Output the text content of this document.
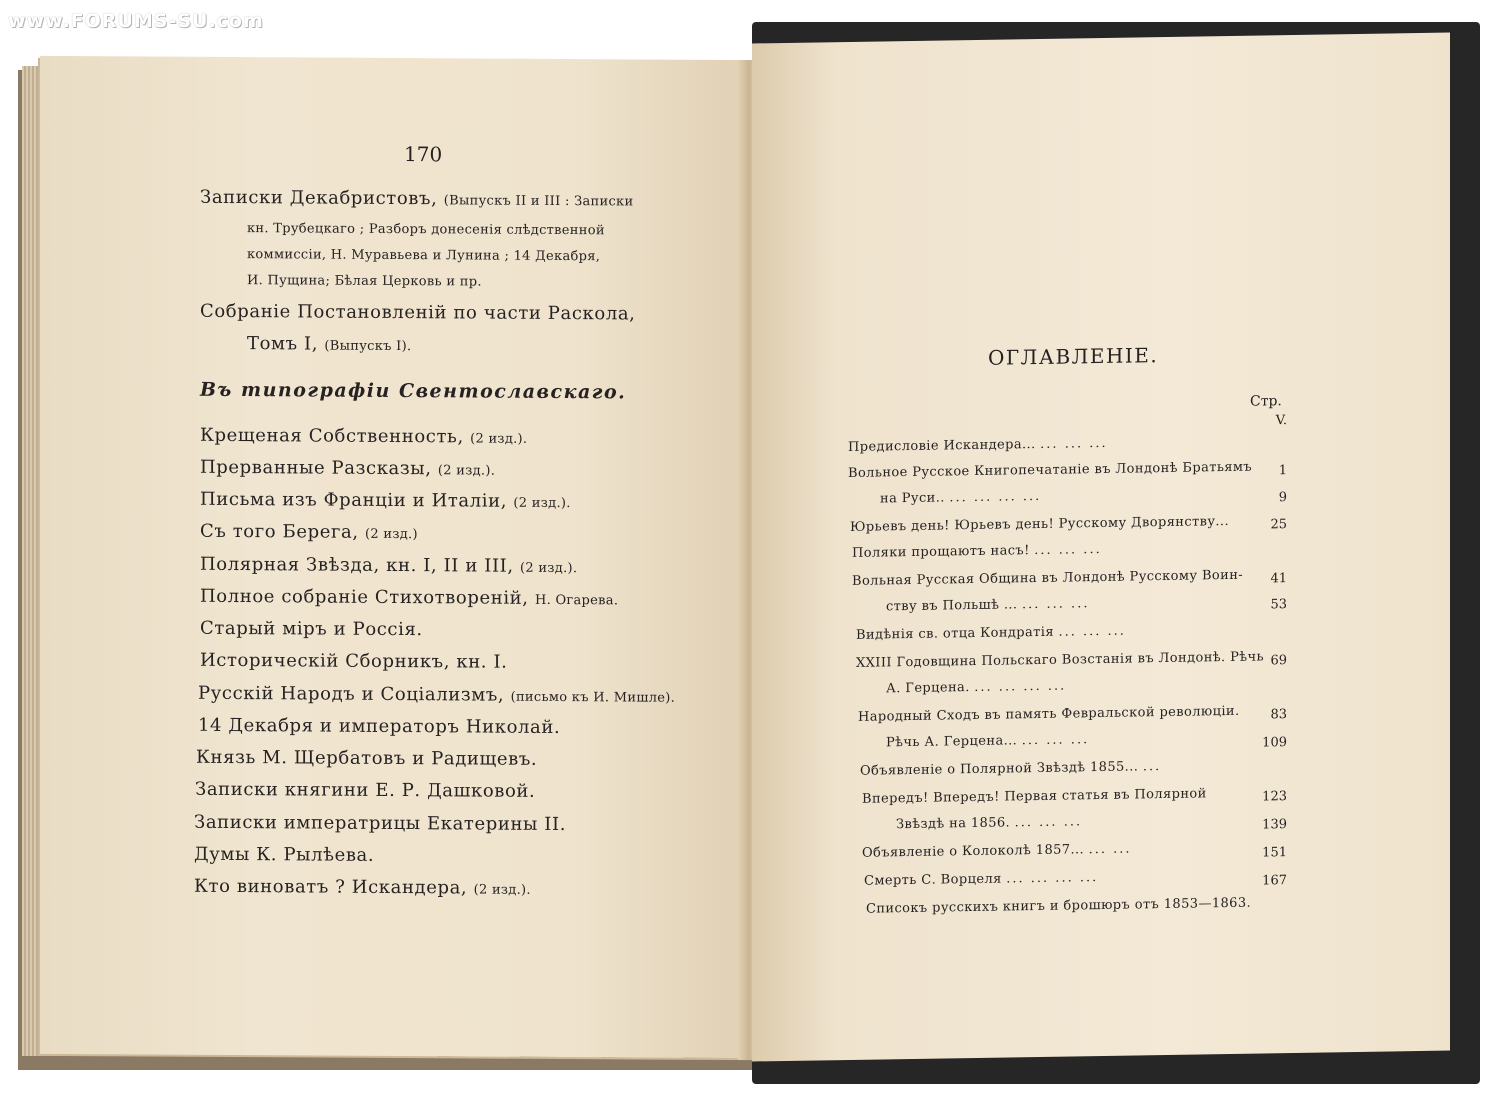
170
Записки Декабристовъ, (Выпускъ II и III : Записки
кн. Трубецкаго ; Разборъ донесенія слѣдственной
коммиссіи, Н. Муравьева и Лунина ; 14 Декабря,
И. Пущина; Бѣлая Церковь и пр.
Собраніе Постановленій по части Раскола,
Томъ I, (Выпускъ I).
Въ типографіи Свентославскаго.
Крещеная Собственность, (2 изд.).
Прерванные Разсказы, (2 изд.).
Письма изъ Франціи и Италіи, (2 изд.).
Съ того Берега, (2 изд.)
Полярная Звѣзда, кн. I, II и III, (2 изд.).
Полное собраніе Стихотвореній, Н. Огарева.
Старый міръ и Россія.
Историческій Сборникъ, кн. I.
Русскій Народъ и Соціализмъ, (письмо къ И. Мишле).
14 Декабря и императоръ Николай.
Князь М. Щербатовъ и Радищевъ.
Записки княгини Е. Р. Дашковой.
Записки императрицы Екатерины II.
Думы К. Рылѣева.
Кто виноватъ ? Искандера, (2 изд.).
ОГЛАВЛЕНІЕ.
Стр.
Предисловіе Искандера... ... ... ...
V.
Вольное Русское Книгопечатаніе въ Лондонѣ Братьямъ
на Руси.. ... ... ... ...
1
Юрьевъ день! Юрьевъ день! Русскому Дворянству...
9
Поляки прощаютъ насъ! ... ... ...
25
Вольная Русская Община въ Лондонѣ Русскому Воин-
ству въ Польшѣ ... ... ... ...
41
Видѣнія св. отца Кондратія ... ... ...
53
XXIII Годовщина Польскаго Возстанія въ Лондонѣ. Рѣчь
А. Герцена. ... ... ... ...
69
Народный Сходъ въ память Февральской революціи.
Рѣчь А. Герцена... ... ... ...
83
Объявленіе о Полярной Звѣздѣ 1855... ...
109
Впередъ! Впередъ! Первая статья въ Полярной
Звѣздѣ на 1856. ... ... ...
123
Объявленіе о Колоколѣ 1857... ... ...
139
Смерть С. Ворцеля ... ... ... ...
151
Списокъ русскихъ книгъ и брошюръ отъ 1853—1863.
167
www.FORUMS-SU.com
